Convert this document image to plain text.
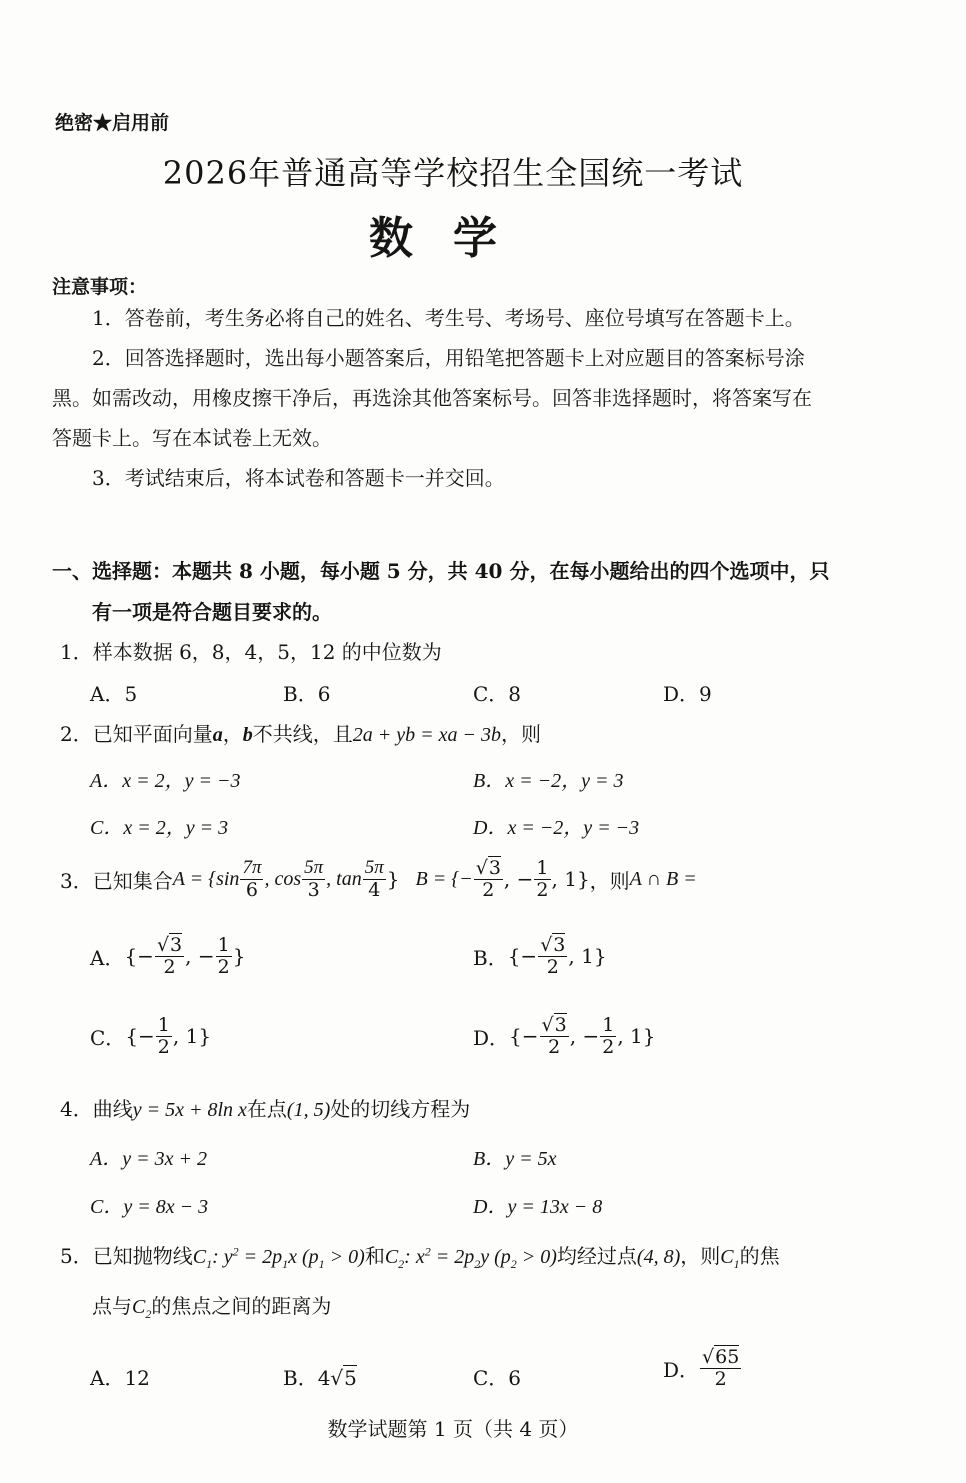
绝密★启用前
2026年普通高等学校招生全国统一考试
数学
注意事项：
1．答卷前，考生务必将自己的姓名、考生号、考场号、座位号填写在答题卡上。
2．回答选择题时，选出每小题答案后，用铅笔把答题卡上对应题目的答案标号涂
黑。如需改动，用橡皮擦干净后，再选涂其他答案标号。回答非选择题时，将答案写在
答题卡上。写在本试卷上无效。
3．考试结束后，将本试卷和答题卡一并交回。
一、选择题：本题共 8 小题，每小题 5 分，共 40 分，在每小题给出的四个选项中，只
有一项是符合题目要求的。
1．样本数据 6，8，4，5，12 的中位数为
A．5	B．6	C．8	D．9
2．已知平面向量a，b不共线，且2a + yb = xa − 3b，则
A．x = 2，y = −3	B．x = −2，y = 3
C．x = 2，y = 3	D．x = −2，y = −3
3． 已知集合 $A = \{\sin \frac{7\pi}{6}$ , $\cos \frac{5\pi}{3}$ , $\tan \frac{5\pi}{4}$ } B = {− $\frac{√3}{2}$ , − $\frac{1}{2}$ , 1} ，则 A ∩ B =
A． {− $\frac{√3}{2}$ , − $\frac{1}{2}$ }	B． {− $\frac{√3}{2}$ , 1}
C． {− $\frac{1}{2}$ , 1}	D． {− $\frac{√3}{2}$ , − $\frac{1}{2}$ , 1}
4．曲线y = 5x + 8ln x在点(1, 5)处的切线方程为
A．y = 3x + 2	B．y = 5x
C．y = 8x − 3	D．y = 13x − 8
5．已知抛物线$C_1$: $y^2 = 2p_1x$ $(p_1 > 0)$和$C_2$: $x^2 = 2p_2y$ $(p_2 > 0)$均经过点(4, 8)，则$C_1$的焦
点与$C_2$的焦点之间的距离为
A．12	B．4√5	C．6	D． $\frac{√65}{2}$
数学试题第 1 页（共 4 页）
